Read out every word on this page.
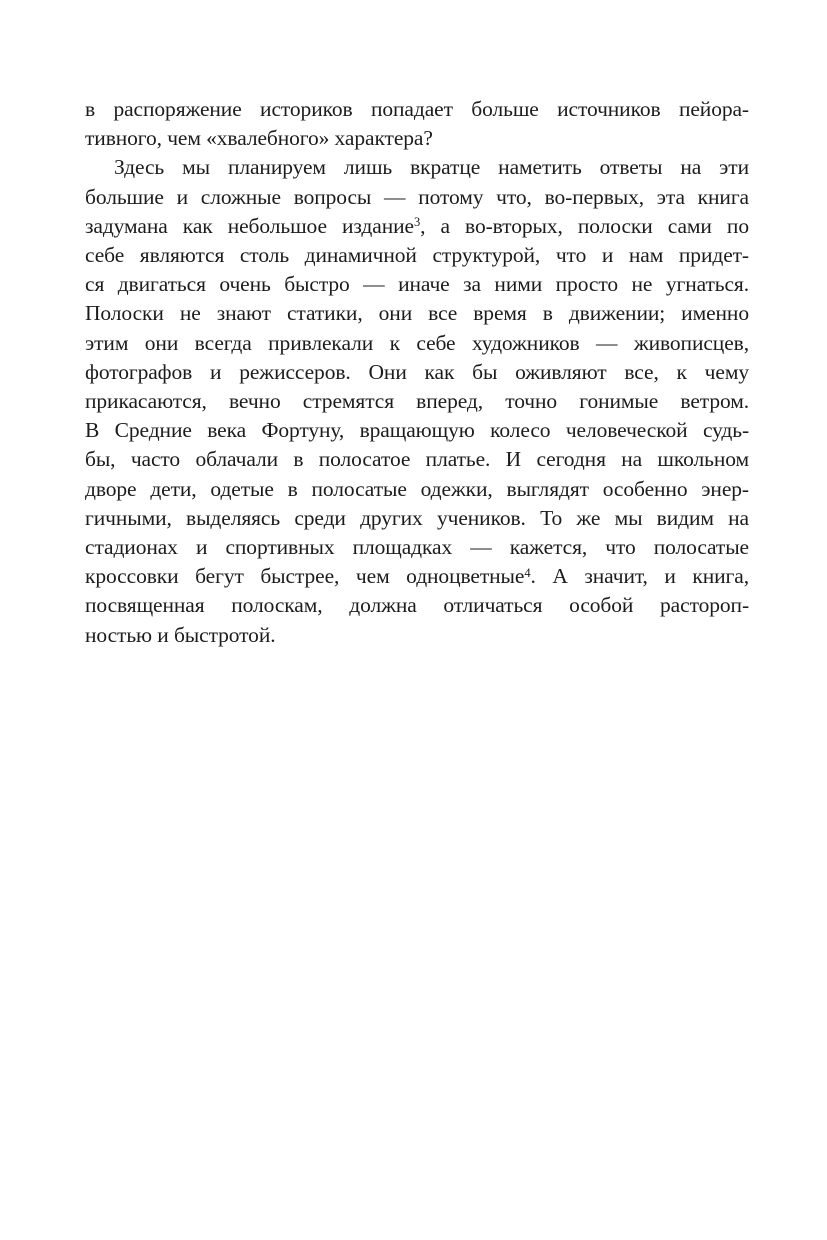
в распоряжение историков попадает больше источников пейора-
тивного, чем «хвалебного» характера?
Здесь мы планируем лишь вкратце наметить ответы на эти
большие и сложные вопросы — потому что, во-первых, эта книга
задумана как небольшое издание$^3$, а во-вторых, полоски сами по
себе являются столь динамичной структурой, что и нам придет-
ся двигаться очень быстро — иначе за ними просто не угнаться.
Полоски не знают статики, они все время в движении; именно
этим они всегда привлекали к себе художников — живописцев,
фотографов и режиссеров. Они как бы оживляют все, к чему
прикасаются, вечно стремятся вперед, точно гонимые ветром.
В Средние века Фортуну, вращающую колесо человеческой судь-
бы, часто облачали в полосатое платье. И сегодня на школьном
дворе дети, одетые в полосатые одежки, выглядят особенно энер-
гичными, выделяясь среди других учеников. То же мы видим на
стадионах и спортивных площадках — кажется, что полосатые
кроссовки бегут быстрее, чем одноцветные$^4$. А значит, и книга,
посвященная полоскам, должна отличаться особой растороп-
ностью и быстротой.
